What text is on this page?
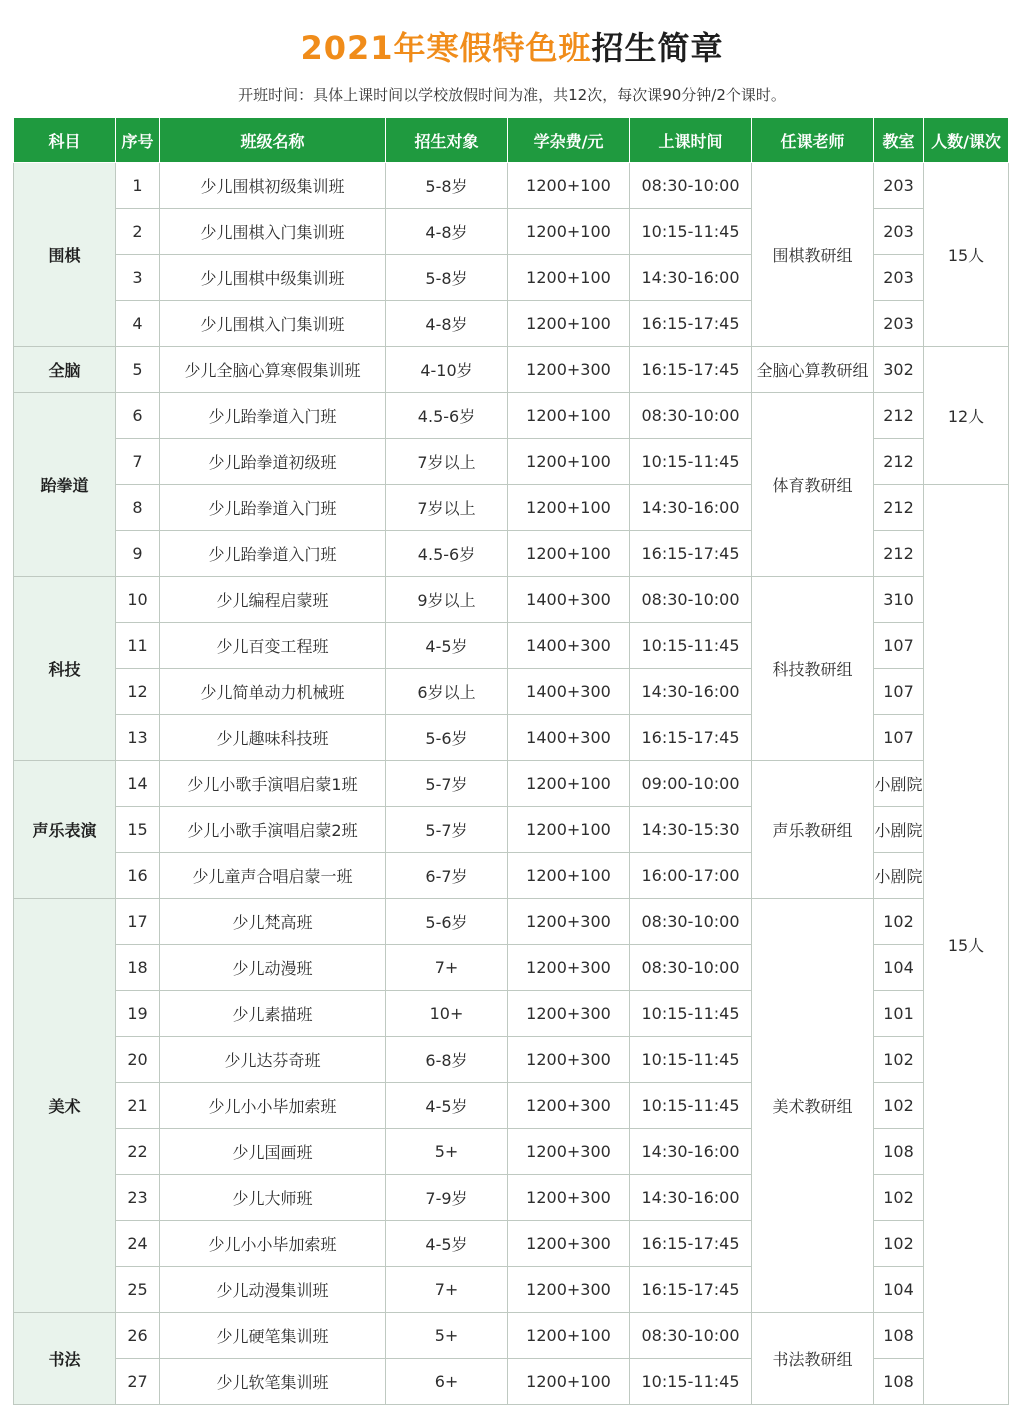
2021年寒假特色班招生简章
开班时间：具体上课时间以学校放假时间为准，共12次，每次课90分钟/2个课时。
科目	序号	班级名称	招生对象	学杂费/元	上课时间	任课老师	教室	人数/课次
围棋	1	少儿围棋初级集训班	5-8岁	1200+100	08:30-10:00	围棋教研组	203	15人
	2	少儿围棋入门集训班	4-8岁	1200+100	10:15-11:45		203	
	3	少儿围棋中级集训班	5-8岁	1200+100	14:30-16:00		203	
	4	少儿围棋入门集训班	4-8岁	1200+100	16:15-17:45		203	
全脑	5	少儿全脑心算寒假集训班	4-10岁	1200+300	16:15-17:45	全脑心算教研组	302	12人
跆拳道	6	少儿跆拳道入门班	4.5-6岁	1200+100	08:30-10:00	体育教研组	212	
	7	少儿跆拳道初级班	7岁以上	1200+100	10:15-11:45		212	
	8	少儿跆拳道入门班	7岁以上	1200+100	14:30-16:00		212	15人
	9	少儿跆拳道入门班	4.5-6岁	1200+100	16:15-17:45		212	
科技	10	少儿编程启蒙班	9岁以上	1400+300	08:30-10:00	科技教研组	310	
	11	少儿百变工程班	4-5岁	1400+300	10:15-11:45		107	
	12	少儿简单动力机械班	6岁以上	1400+300	14:30-16:00		107	
	13	少儿趣味科技班	5-6岁	1400+300	16:15-17:45		107	
声乐表演	14	少儿小歌手演唱启蒙1班	5-7岁	1200+100	09:00-10:00	声乐教研组	小剧院	
	15	少儿小歌手演唱启蒙2班	5-7岁	1200+100	14:30-15:30		小剧院	
	16	少儿童声合唱启蒙一班	6-7岁	1200+100	16:00-17:00		小剧院	
美术	17	少儿梵高班	5-6岁	1200+300	08:30-10:00	美术教研组	102	
	18	少儿动漫班	7+	1200+300	08:30-10:00		104	
	19	少儿素描班	10+	1200+300	10:15-11:45		101	
	20	少儿达芬奇班	6-8岁	1200+300	10:15-11:45		102	
	21	少儿小小毕加索班	4-5岁	1200+300	10:15-11:45		102	
	22	少儿国画班	5+	1200+300	14:30-16:00		108	
	23	少儿大师班	7-9岁	1200+300	14:30-16:00		102	
	24	少儿小小毕加索班	4-5岁	1200+300	16:15-17:45		102	
	25	少儿动漫集训班	7+	1200+300	16:15-17:45		104	
书法	26	少儿硬笔集训班	5+	1200+100	08:30-10:00	书法教研组	108	
	27	少儿软笔集训班	6+	1200+100	10:15-11:45		108	
